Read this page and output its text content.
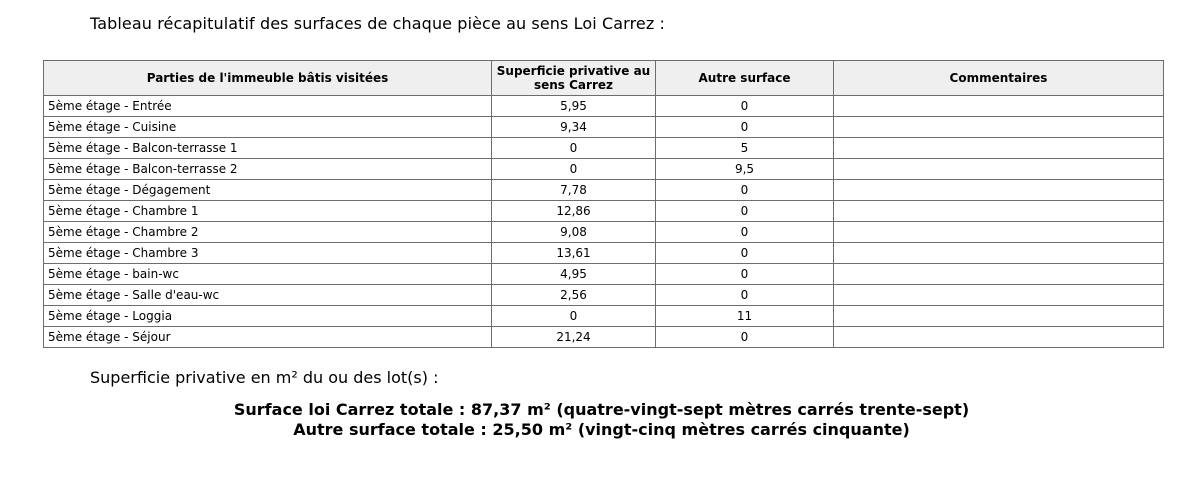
Tableau récapitulatif des surfaces de chaque pièce au sens Loi Carrez :
Parties de l'immeuble bâtis visitées	Superficie privative au sens Carrez	Autre surface	Commentaires
5ème étage - Entrée	5,95	0	
5ème étage - Cuisine	9,34	0	
5ème étage - Balcon-terrasse 1	0	5	
5ème étage - Balcon-terrasse 2	0	9,5	
5ème étage - Dégagement	7,78	0	
5ème étage - Chambre 1	12,86	0	
5ème étage - Chambre 2	9,08	0	
5ème étage - Chambre 3	13,61	0	
5ème étage - bain-wc	4,95	0	
5ème étage - Salle d'eau-wc	2,56	0	
5ème étage - Loggia	0	11	
5ème étage - Séjour	21,24	0	
Superficie privative en m² du ou des lot(s) :
Surface loi Carrez totale : 87,37 m² (quatre-vingt-sept mètres carrés trente-sept)
Autre surface totale : 25,50 m² (vingt-cinq mètres carrés cinquante)
